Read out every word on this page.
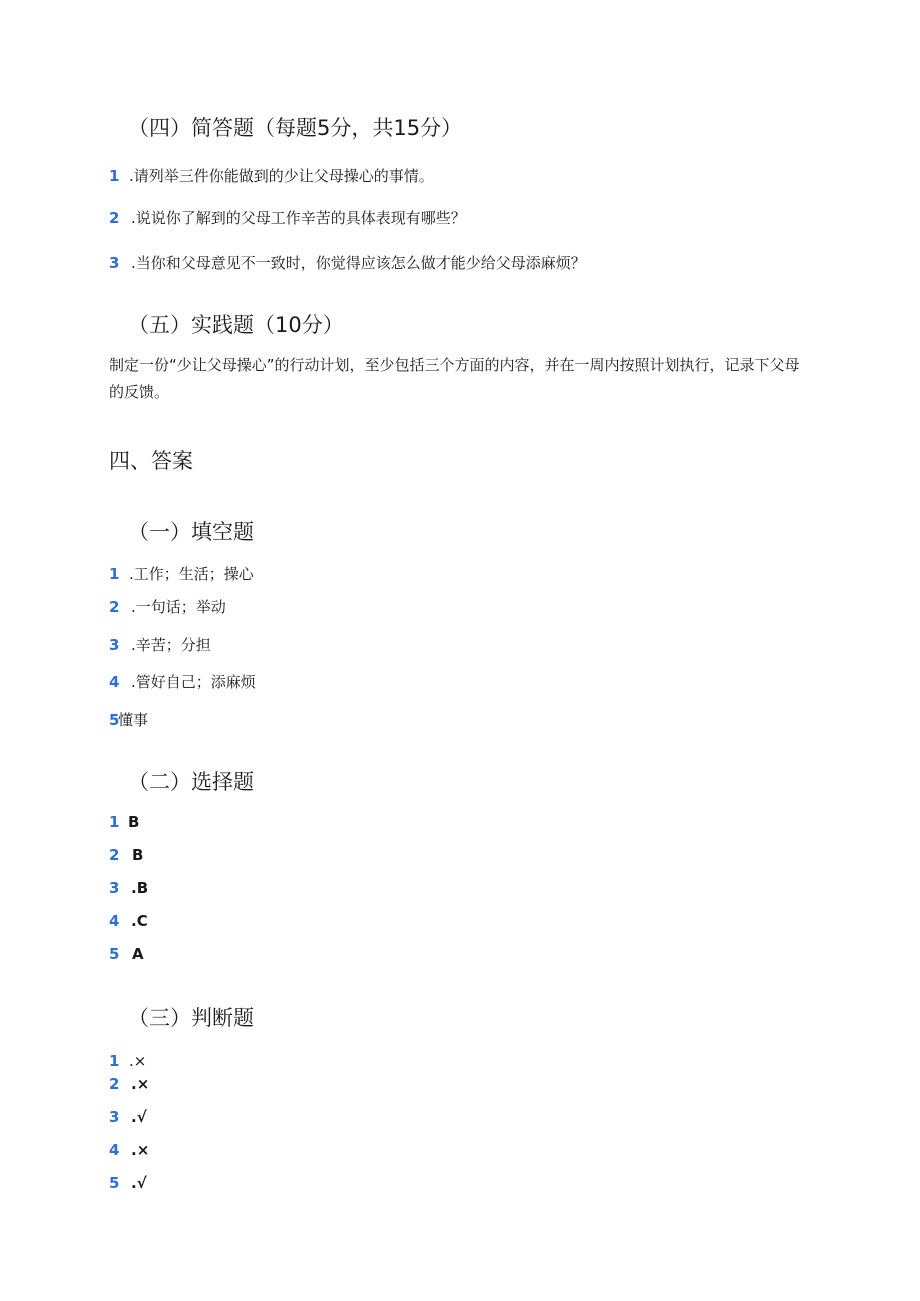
（四）简答题（每题5分，共15分）
1 .请列举三件你能做到的少让父母操心的事情。
2 .说说你了解到的父母工作辛苦的具体表现有哪些？
3 .当你和父母意见不一致时，你觉得应该怎么做才能少给父母添麻烦？
（五）实践题（10分）
制定一份“少让父母操心”的行动计划，至少包括三个方面的内容，并在一周内按照计划执行，记录下父母的反馈。
四、答案
（一）填空题
1 .工作；生活；操心
2 .一句话；举动
3 .辛苦；分担
4 .管好自己；添麻烦
5懂事
（二）选择题
1 B
2 B
3 .B
4 .C
5 A
（三）判断题
1 .×
2 .×
3 .√
4 .×
5 .√
